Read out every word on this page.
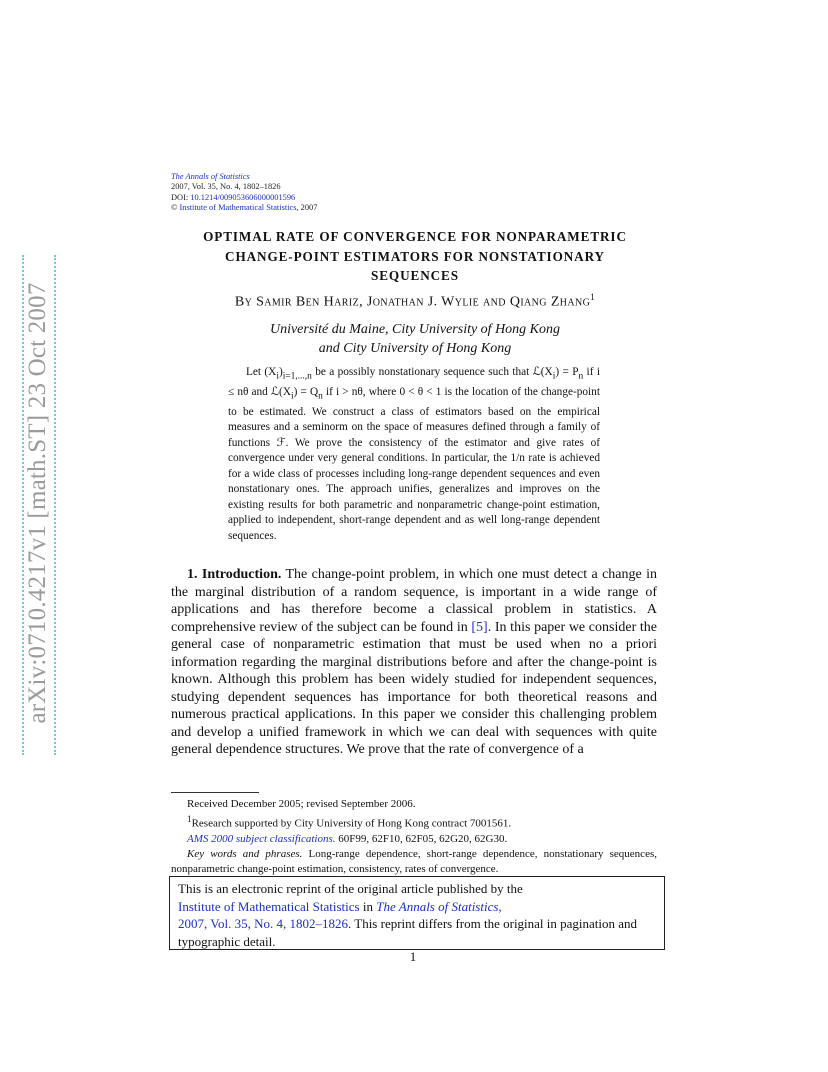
arXiv:0710.4217v1 [math.ST] 23 Oct 2007
The Annals of Statistics
2007, Vol. 35, No. 4, 1802–1826
DOI: 10.1214/009053606000001596
© Institute of Mathematical Statistics, 2007
OPTIMAL RATE OF CONVERGENCE FOR NONPARAMETRIC
CHANGE-POINT ESTIMATORS FOR NONSTATIONARY
SEQUENCES
By Samir Ben Hariz, Jonathan J. Wylie and Qiang Zhang$^1$
Université du Maine, City University of Hong Kong
and City University of Hong Kong
Let $(X_i)_{i=1,...,n}$ be a possibly nonstationary sequence such that $ℒ(X_i) = P_n$ if i ≤ nθ and $ℒ(X_i) = Q_n$ if i > nθ, where 0 < θ < 1 is the location of the change-point to be estimated. We construct a class of estimators based on the empirical measures and a seminorm on the space of measures defined through a family of functions ℱ. We prove the consistency of the estimator and give rates of convergence under very general conditions. In particular, the 1/n rate is achieved for a wide class of processes including long-range dependent sequences and even nonstationary ones. The approach unifies, generalizes and improves on the existing results for both parametric and nonparametric change-point estimation, applied to independent, short-range dependent and as well long-range dependent sequences.
1. Introduction. The change-point problem, in which one must detect a change in the marginal distribution of a random sequence, is important in a wide range of applications and has therefore become a classical problem in statistics. A comprehensive review of the subject can be found in [5]. In this paper we consider the general case of nonparametric estimation that must be used when no a priori information regarding the marginal distributions before and after the change-point is known. Although this problem has been widely studied for independent sequences, studying dependent sequences has importance for both theoretical reasons and numerous practical applications. In this paper we consider this challenging problem and develop a unified framework in which we can deal with sequences with quite general dependence structures. We prove that the rate of convergence of a
Received December 2005; revised September 2006.
$^1$Research supported by City University of Hong Kong contract 7001561.
AMS 2000 subject classifications. 60F99, 62F10, 62F05, 62G20, 62G30.
Key words and phrases. Long-range dependence, short-range dependence, nonstationary sequences, nonparametric change-point estimation, consistency, rates of convergence.
This is an electronic reprint of the original article published by the
Institute of Mathematical Statistics in The Annals of Statistics,
2007, Vol. 35, No. 4, 1802–1826. This reprint differs from the original in pagination and typographic detail.
1
